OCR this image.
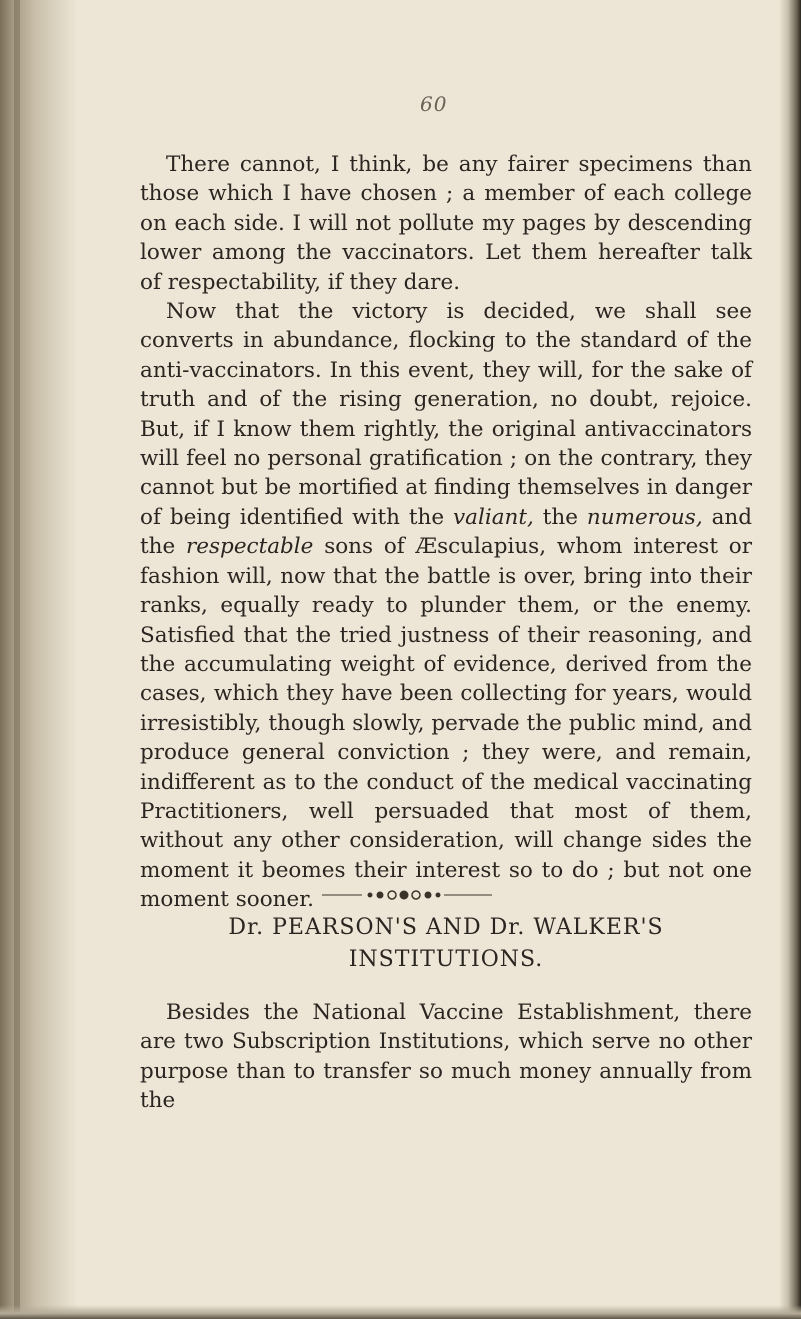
60

There cannot, I think, be any fairer specimens than those which I have chosen ; a member of each college on each side. I will not pollute my pages by descending lower among the vaccinators. Let them hereafter talk of respectability, if they dare.

Now that the victory is decided, we shall see converts in abundance, flocking to the standard of the anti-vaccinators. In this event, they will, for the sake of truth and of the rising generation, no doubt, rejoice. But, if I know them rightly, the original antivaccinators will feel no personal gratification ; on the contrary, they cannot but be mortified at finding themselves in danger of being identified with the valiant, the numerous, and the respectable sons of Æsculapius, whom interest or fashion will, now that the battle is over, bring into their ranks, equally ready to plunder them, or the enemy. Satisfied that the tried justness of their reasoning, and the accumulating weight of evidence, derived from the cases, which they have been collecting for years, would irresistibly, though slowly, pervade the public mind, and produce general conviction ; they were, and remain, indifferent as to the conduct of the medical vaccinating Practitioners, well persuaded that most of them, without any other consideration, will change sides the moment it beomes their interest so to do ; but not one moment sooner.

Dr. PEARSON'S AND Dr. WALKER'S INSTITUTIONS.

Besides the National Vaccine Establishment, there are two Subscription Institutions, which serve no other purpose than to transfer so much money annually from the
